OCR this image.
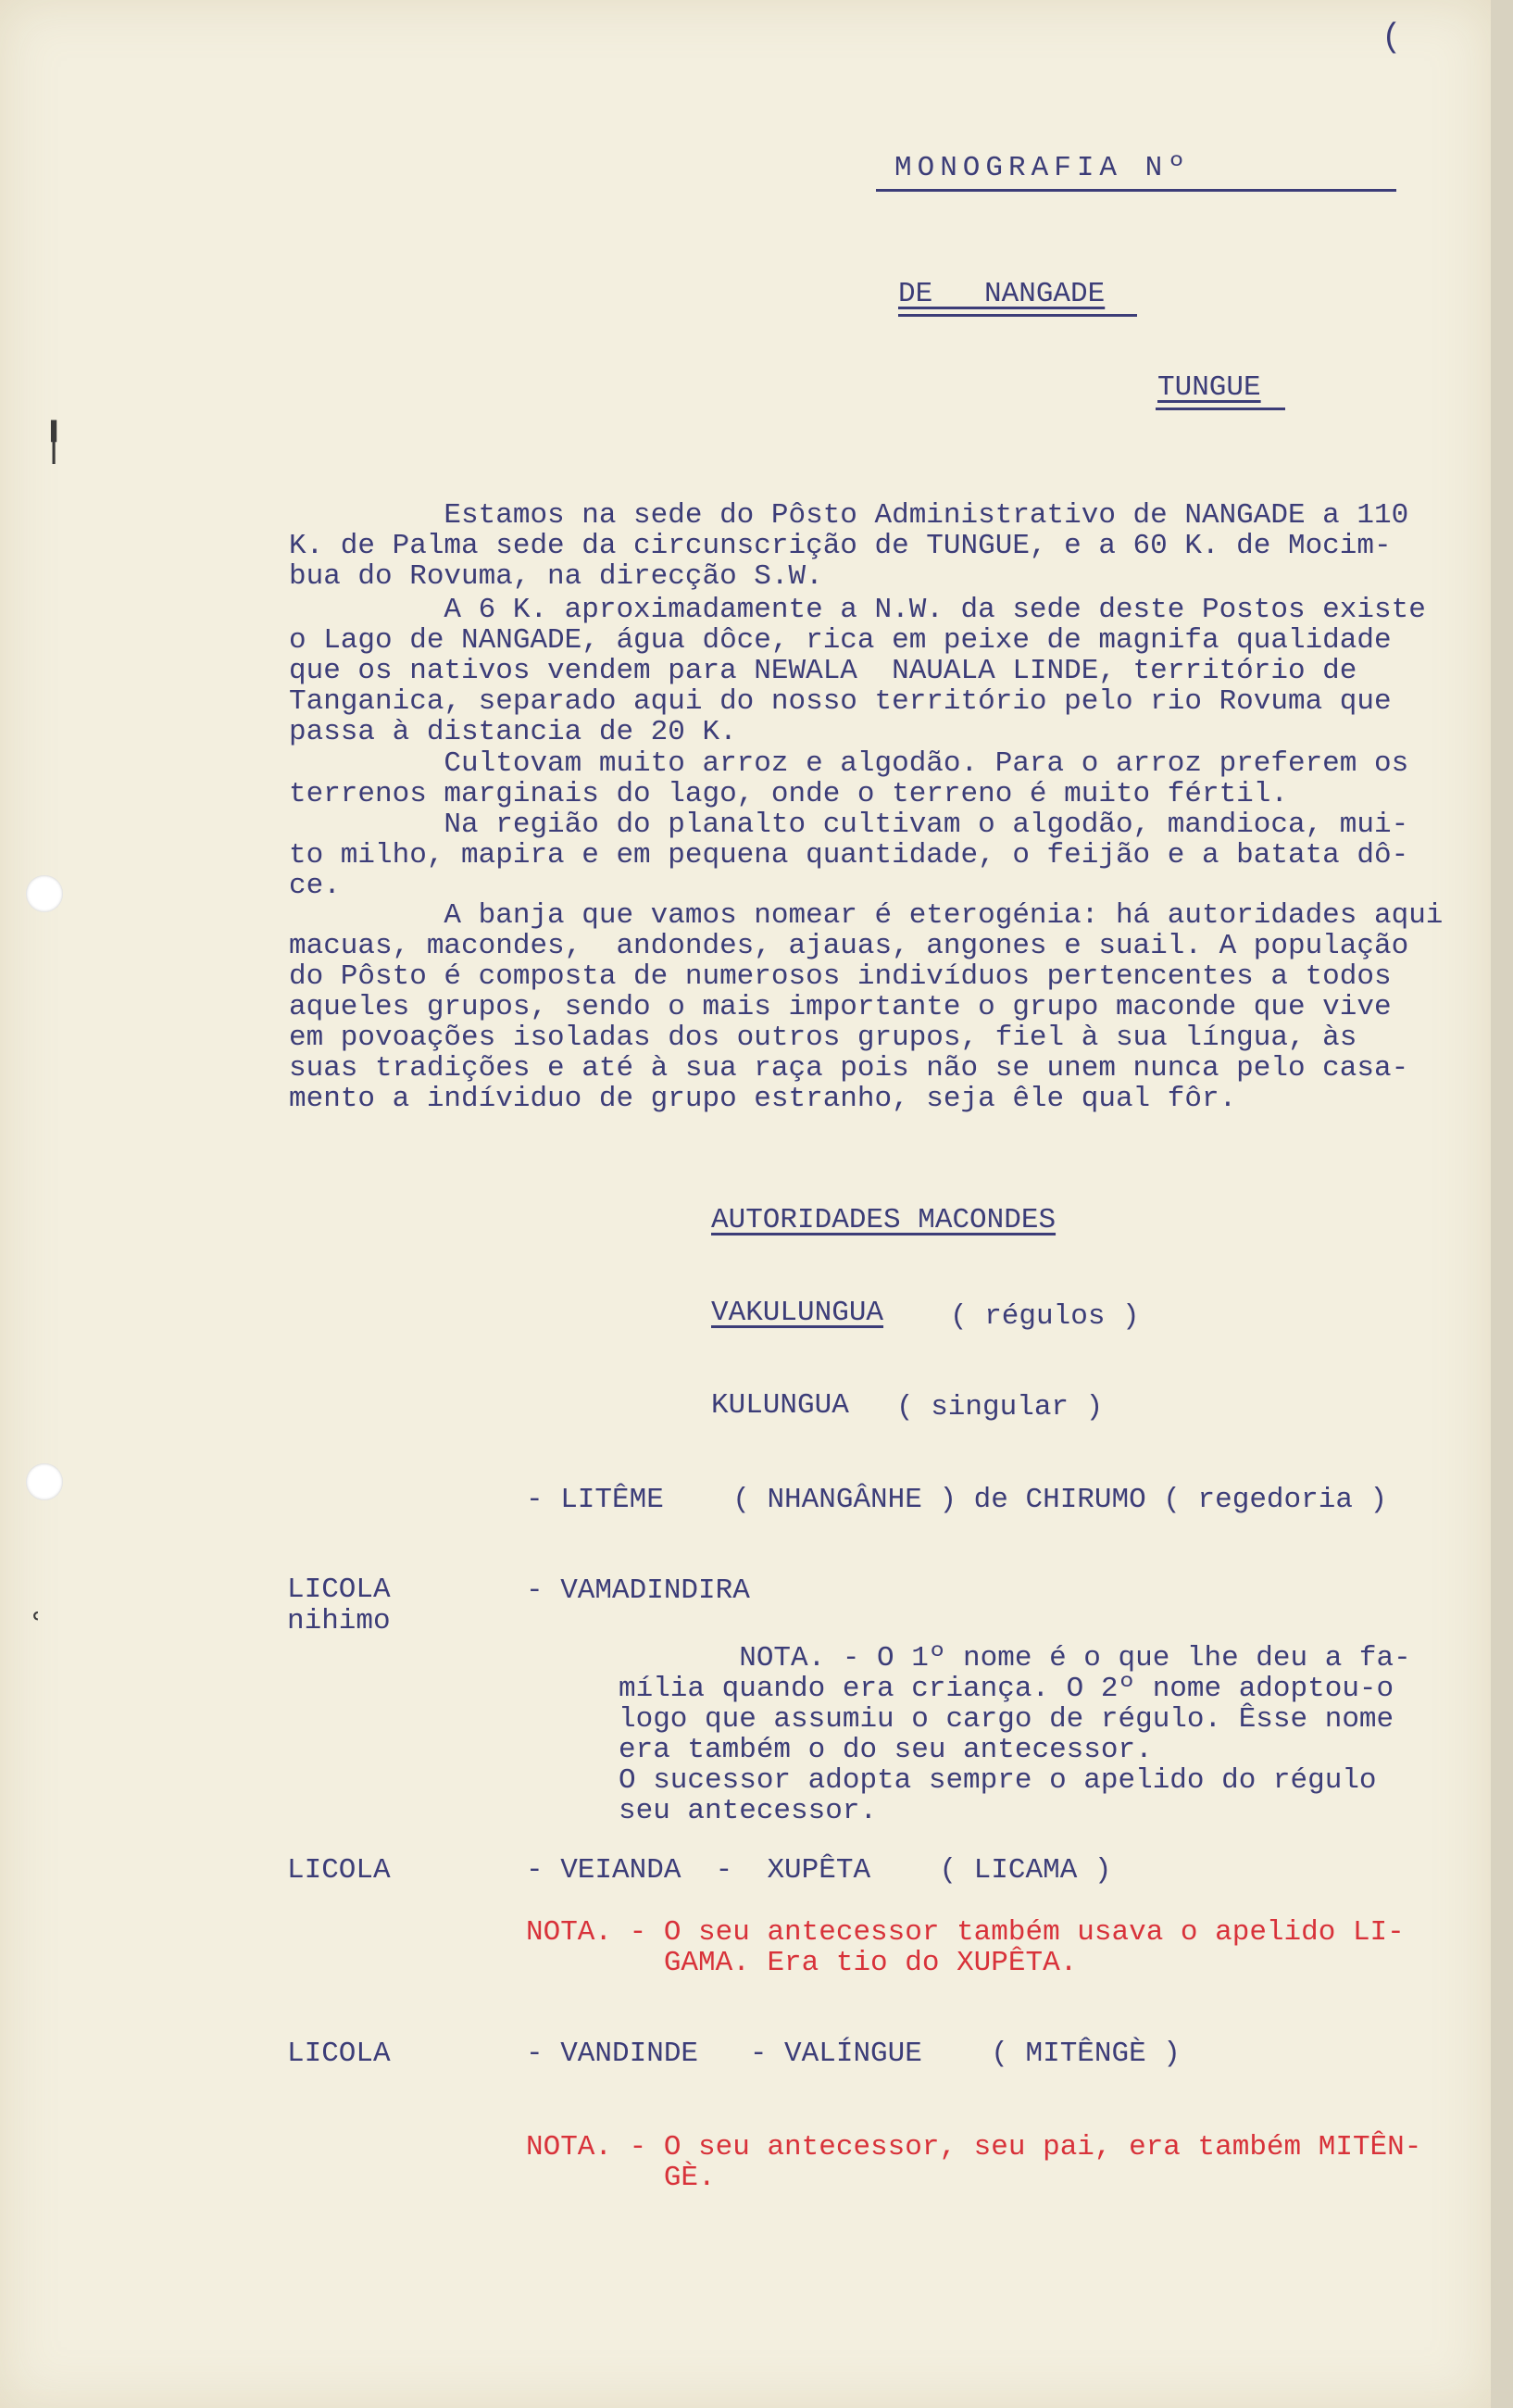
╿
ʿ
(
MONOGRAFIA Nº
DE   NANGADE
TUNGUE
Estamos na sede do Pôsto Administrativo de NANGADE a 110
K. de Palma sede da circunscrição de TUNGUE, e a 60 K. de Mocim-
bua do Rovuma, na direcção S.W.
A 6 K. aproximadamente a N.W. da sede deste Postos existe
o Lago de NANGADE, água dôce, rica em peixe de magnifa qualidade
que os nativos vendem para NEWALA  NAUALA LINDE, território de
Tanganica, separado aqui do nosso território pelo rio Rovuma que
passa à distancia de 20 K.
Cultovam muito arroz e algodão. Para o arroz preferem os
terrenos marginais do lago, onde o terreno é muito fértil.
Na região do planalto cultivam o algodão, mandioca, mui-
to milho, mapira e em pequena quantidade, o feijão e a batata dô-
ce.
A banja que vamos nomear é eterogénia: há autoridades aqui
macuas, macondes,  andondes, ajauas, angones e suail. A população
do Pôsto é composta de numerosos indivíduos pertencentes a todos
aqueles grupos, sendo o mais importante o grupo maconde que vive
em povoações isoladas dos outros grupos, fiel à sua língua, às
suas tradições e até à sua raça pois não se unem nunca pelo casa-
mento a indíviduo de grupo estranho, seja êle qual fôr.
AUTORIDADES MACONDES
VAKULUNGUA ( régulos )
KULUNGUA ( singular )
- LITÊME    ( NHANGÂNHE ) de CHIRUMO ( regedoria )
LICOLA
nihimo
- VAMADINDIRA
NOTA. - O 1º nome é o que lhe deu a fa-
mília quando era criança. O 2º nome adoptou-o
logo que assumiu o cargo de régulo. Êsse nome
era também o do seu antecessor.
O sucessor adopta sempre o apelido do régulo
seu antecessor.
LICOLA	- VEIANDA  -  XUPÊTA    ( LICAMA )
NOTA. - O seu antecessor também usava o apelido LI-
GAMA. Era tio do XUPÊTA.
LICOLA	- VANDINDE   - VALÍNGUE    ( MITÊNGÈ )
NOTA. - O seu antecessor, seu pai, era também MITÊN-
GÈ.
